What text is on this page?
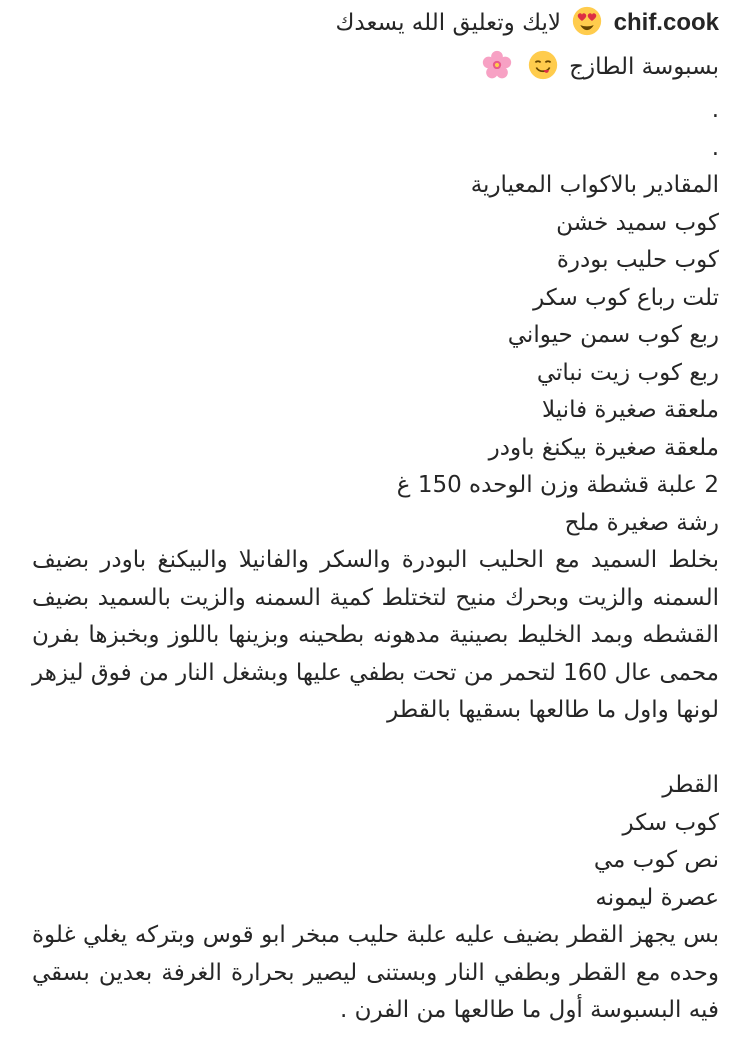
chif.cook  لايك وتعليق الله يسعدك
بسبوسة الطازج
.
.
المقادير بالاكواب المعيارية
كوب سميد خشن
كوب حليب بودرة
تلت رباع كوب سكر
ربع كوب سمن حيواني
ربع كوب زيت نباتي
ملعقة صغيرة فانيلا
ملعقة صغيرة بيكنغ باودر
2 علبة قشطة وزن الوحده 150 غ
رشة صغيرة ملح
بخلط السميد مع الحليب البودرة والسكر والفانيلا والبيكنغ باودر بضيف السمنه والزيت وبحرك منيح لتختلط كمية السمنه والزيت بالسميد بضيف القشطه وبمد الخليط بصينية مدهونه بطحينه وبزينها باللوز وبخبزها بفرن محمى عال 160 لتحمر من تحت بطفي عليها وبشغل النار من فوق ليزهر لونها واول ما طالعها بسقيها بالقطر
القطر
كوب سكر
نص كوب مي
عصرة ليمونه
بس يجهز القطر بضيف عليه علبة حليب مبخر ابو قوس وبتركه يغلي غلوة وحده مع القطر وبطفي النار وبستنى ليصير بحرارة الغرفة بعدين بسقي فيه البسبوسة أول ما طالعها من الفرن .
